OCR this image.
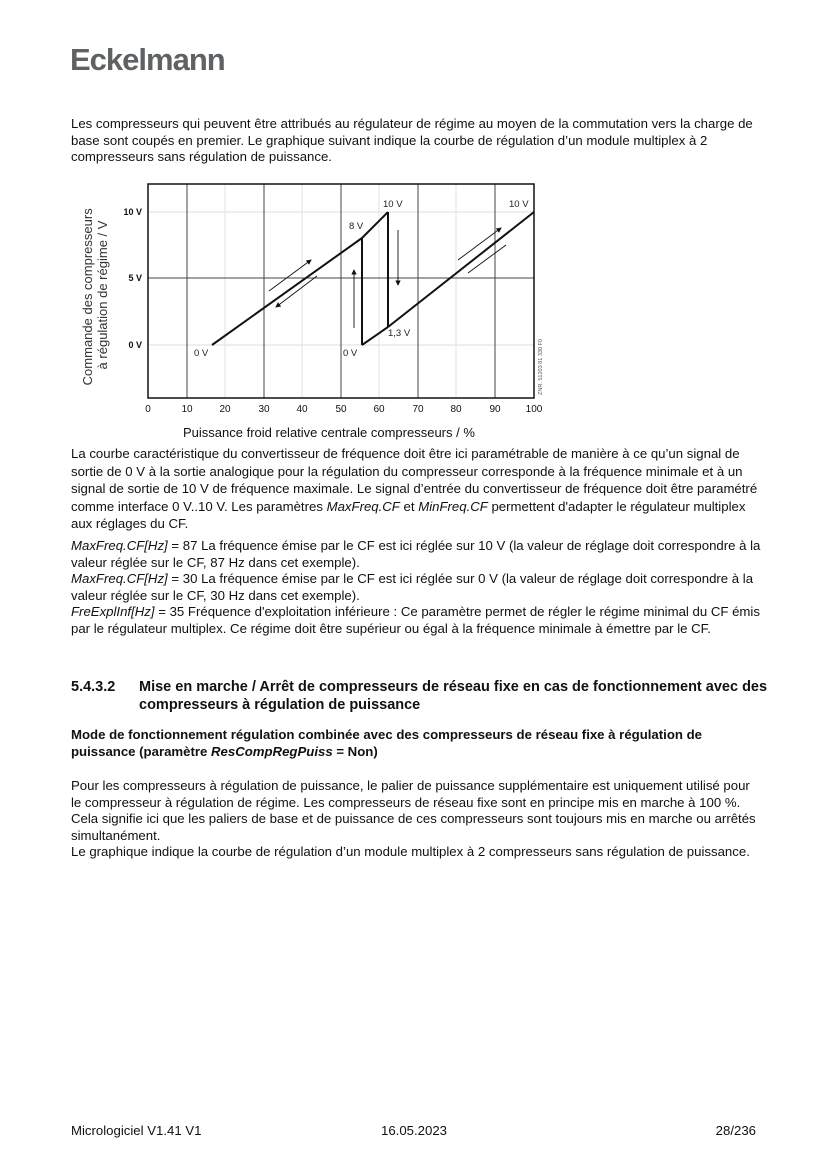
Eckelmann

Les compresseurs qui peuvent être attribués au régulateur de régime au moyen de la commutation vers la charge de base sont coupés en premier. Le graphique suivant indique la courbe de régulation d’un module multiplex à 2 compresseurs sans régulation de puissance.

Commande des compresseurs à régulation de régime / V
10 V
5 V
0 V
0	10	20	30	40	50	60	70	80	90	100
0 V
8 V
10 V
0 V
1,3 V
10 V
ZNR. 51203 81 330 F0
Puissance froid relative centrale compresseurs / %

La courbe caractéristique du convertisseur de fréquence doit être ici paramétrable de manière à ce qu’un signal de sortie de 0 V à la sortie analogique pour la régulation du compresseur corresponde à la fréquence minimale et à un signal de sortie de 10 V de fréquence maximale. Le signal d’entrée du convertisseur de fréquence doit être paramétré comme interface 0 V..10 V. Les paramètres MaxFreq.CF et MinFreq.CF permettent d'adapter le régulateur multiplex aux réglages du CF.

MaxFreq.CF[Hz] = 87 La fréquence émise par le CF est ici réglée sur 10 V (la valeur de réglage doit correspondre à la valeur réglée sur le CF, 87 Hz dans cet exemple).
MaxFreq.CF[Hz] = 30 La fréquence émise par le CF est ici réglée sur 0 V (la valeur de réglage doit correspondre à la valeur réglée sur le CF, 30 Hz dans cet exemple).
FreExplInf[Hz] = 35 Fréquence d'exploitation inférieure : Ce paramètre permet de régler le régime minimal du CF émis par le régulateur multiplex. Ce régime doit être supérieur ou égal à la fréquence minimale à émettre par le CF.

5.4.3.2 Mise en marche / Arrêt de compresseurs de réseau fixe en cas de fonctionnement avec des compresseurs à régulation de puissance
Mode de fonctionnement régulation combinée avec des compresseurs de réseau fixe à régulation de puissance (paramètre ResCompRegPuiss = Non)

Pour les compresseurs à régulation de puissance, le palier de puissance supplémentaire est uniquement utilisé pour le compresseur à régulation de régime. Les compresseurs de réseau fixe sont en principe mis en marche à 100 %. Cela signifie ici que les paliers de base et de puissance de ces compresseurs sont toujours mis en marche ou arrêtés simultanément.
Le graphique indique la courbe de régulation d’un module multiplex à 2 compresseurs sans régulation de puissance.

Micrologiciel V1.41 V1	16.05.2023	28/236
